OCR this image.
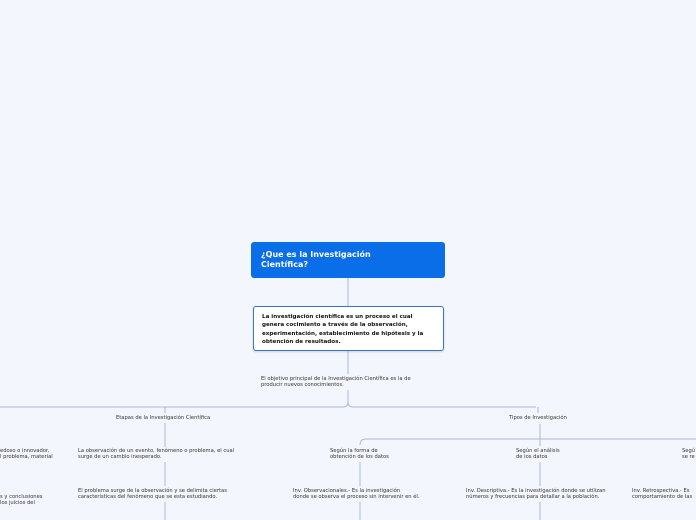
¿Que es la Investigación
Científica?
La investigación científica es un proceso el cual
genera cocimiento a través de la observación,
experimentación, establecimiento de hipótesis y la
obtención de resultados.
El objetivo principal de la Investigación Científica es la de
producir nuevos conocimientos.
Etapas de la Investigación Científica	Tipos de Investigación
edoso o innovador,
l problema, material
s y conclusiones
los juicios del
La observación de un evento, fenómeno o problema, el cual
surge de un cambio inesperado.
El problema surge de la observación y se delimita ciertas
características del fenómeno que se esta estudiando.
Según la forma de
obtención de los datos
Inv. Observacionales.- Es la investigación
donde se observa el proceso sin intervenir en él.
Según el análisis
de los datos
Inv. Descriptiva.- Es la investigación donde se utilizan
números y frecuencias para detallar a la población.
Segú
se re
Inv. Retrospectiva.- Es
comportamiento de las
